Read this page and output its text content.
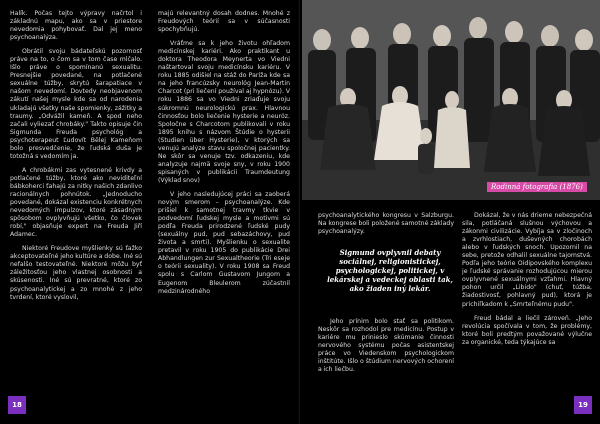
Halík. Počas tejto výpravy načrtol i základnú mapu, ako sa v priestore nevedomia pohybovať. Dal jej meno psychoanalýza.

Obrátil svoju bádateľskú pozornosť práve na to, o čom sa v tom čase mlčalo. Išlo práve o spomínanú sexualitu. Presnejšie povedané, na potlačené sexuálne túžby, skrytú šarapatiace v našom nevedomí. Dovtedy neobjavenom zákutí našej mysle kde sa od narodenia ukladajú všetky naše spomienky, zážitky a traumy. „Odvážil kameň. A spod neho začali vyliezať chrobáky." Takto opisuje čin Sigmunda Freuda psychológ a psychoterapeut Ľudovít Bělej Kameňom bolo presvedčenie, že ľudská duša je totožná s vedomím ja.

A chrobákmi zas vytesnené krivdy a potlačené túžby, ktoré ako neviditeľní bábkoherci ťahajú za nitky našich zdanlivo racionálnych pohnútok. „Jednoducho povedané, dokázal existenciu konkrétnych nevedomých impulzov, ktoré zásadným spôsobom ovplyvňujú všetko, čo človek robí," objasňuje expert na Freuda Jiří Adamec.

Niektoré Freudove myšlienky sú ťažko akceptovateľné jeho kultúre a dobe. Iné sú nefalšo testovateľné. Niektoré môžu byť záležitosťou jeho vlastnej osobnosti a skúsenosti. Iné sú prevratné, ktoré zo psychoanalytickej a zo mnohé z jeho tvrdení, ktoré vyslovil,

majú relevantný dosah dodnes. Mnohé z Freudových teórií sa v súčasnosti spochybňujú.

Vráťme sa k jeho životu ohľadom medicínskej kariéri. Ako praktikant u doktora Theodora Meynerta vo Viedni naštartoval svoju medicínsku kariéru. V roku 1885 odišiel na stáž do Paríža kde sa na jeho francúzsky neurológ Jean-Martin Charcot (pri liečení používal aj hypnózu). V roku 1886 sa vo Viedni zriaďuje svoju súkromnú neurologickú prax. Hlavnou činnosťou bolo liečenie hysterie a neuróz. Spoločne s Charcotom publikovali v roku 1895 knihu s názvom Štúdie o hysterii (Studien über Hysterie), v ktorých sa venujú analýze stavu spoločnej pacientky. Ne skôr sa venuje tzv. odkazeniu, kde analyzuje najmä svoje sny, v roku 1900 spisaných v publikácii Traumdeutung (Výklad snov)

V jeho nasledujúcej práci sa zaoberá novým smerom – psychoanalýze. Kde prišiel k samotnej travmy tkvie v podvedomí ľudskej mysle a motivmi sú podľa Freuda prirodzené ľudské pudy (sexuálny pud, pud sebazáchovy, pud života a smrti). Myšlienku o sexualite pretavil v roku 1905 do publikácie Drei Abhandlungen zur Sexualtheorie (Tri eseje o teórii sexuality). V roku 1908 sa Freud spolu s Carlom Gustavom Jungom a Eugenom Bleulerom zúčastnil medzinárodného

18
Rodinná fotografia (1876)

psychoanalytického kongresu v Salzburgu. Na kongrese boli položené samotné základy psychoanalýzy.

Sigmund ovplyvnil debaty sociálnej, religionistickej, psychologickej, politickej, v lekárskej a vedeckej oblasti tak, ako žiaden iný lekár.

Jeho prínim bolo stať sa politikom. Neskôr sa rozhodol pre medicínu. Postup v kariére mu prinieslo skúmanie činnosti nervového systému počas asistentskej práce vo Viedenskom psychologickom inštitúte. Išlo o štúdium nervových ochorení a ich liečbu.

Dokázal, že v nás drieme nebezpečná sila, potláčaná slušnou výchovou a zákonmi civilizácie. Vybíja sa v zločinoch a zvrhlostiach, duševných chorobách alebo v ľudských snoch. Upozornil na sebe, pretože odhalil sexuálne tajomstvá. Podľa jeho teórie Oidipovského komplexu je ľudské správanie rozhodujúcou mierou ovplyvnené sexuálnymi vzťahmi. Hlavný pohon určil „Libido" (chuť, túžba, žiadostivosť, pohlavný pud), ktorá je prichiľkadom k „Smrteľnému pudu".

Freud bádal a liečil zároveň. „Jeho revolúcia spočívala v tom, že problémy, ktoré boli predtým považované výlučne za organické, teda týkajúce sa

19
